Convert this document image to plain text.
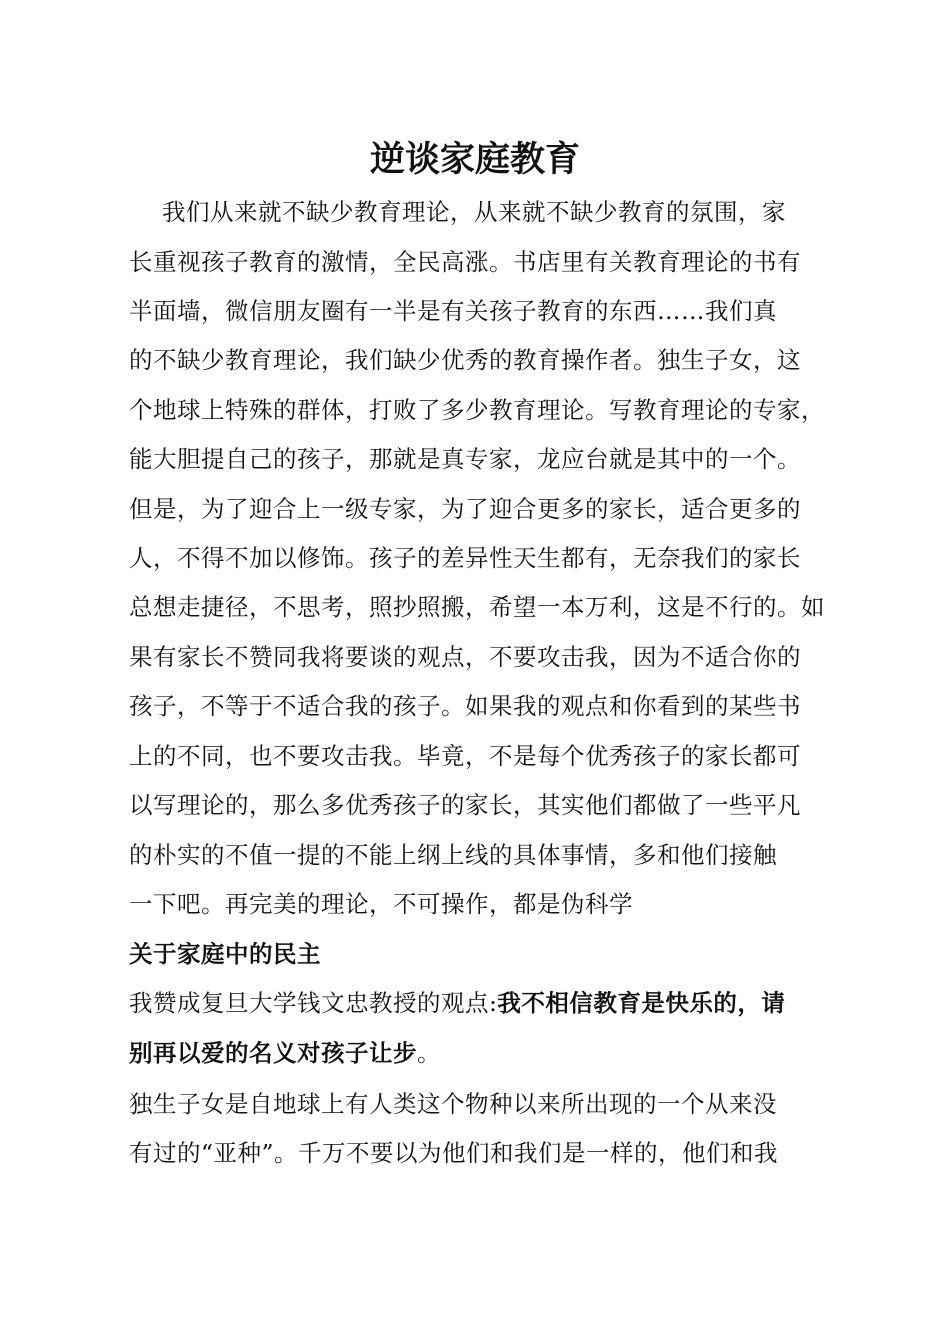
逆谈家庭教育
我们从来就不缺少教育理论，从来就不缺少教育的氛围，家
长重视孩子教育的激情，全民高涨。书店里有关教育理论的书有
半面墙，微信朋友圈有一半是有关孩子教育的东西……我们真
的不缺少教育理论，我们缺少优秀的教育操作者。独生子女，这
个地球上特殊的群体，打败了多少教育理论。写教育理论的专家，
能大胆提自己的孩子，那就是真专家，龙应台就是其中的一个。
但是，为了迎合上一级专家，为了迎合更多的家长，适合更多的
人，不得不加以修饰。孩子的差异性天生都有，无奈我们的家长
总想走捷径，不思考，照抄照搬，希望一本万利，这是不行的。如
果有家长不赞同我将要谈的观点，不要攻击我，因为不适合你的
孩子，不等于不适合我的孩子。如果我的观点和你看到的某些书
上的不同，也不要攻击我。毕竟，不是每个优秀孩子的家长都可
以写理论的，那么多优秀孩子的家长，其实他们都做了一些平凡
的朴实的不值一提的不能上纲上线的具体事情，多和他们接触
一下吧。再完美的理论，不可操作，都是伪科学
关于家庭中的民主
我赞成复旦大学钱文忠教授的观点:我不相信教育是快乐的，请
别再以爱的名义对孩子让步。
独生子女是自地球上有人类这个物种以来所出现的一个从来没
有过的“亚种”。千万不要以为他们和我们是一样的，他们和我
